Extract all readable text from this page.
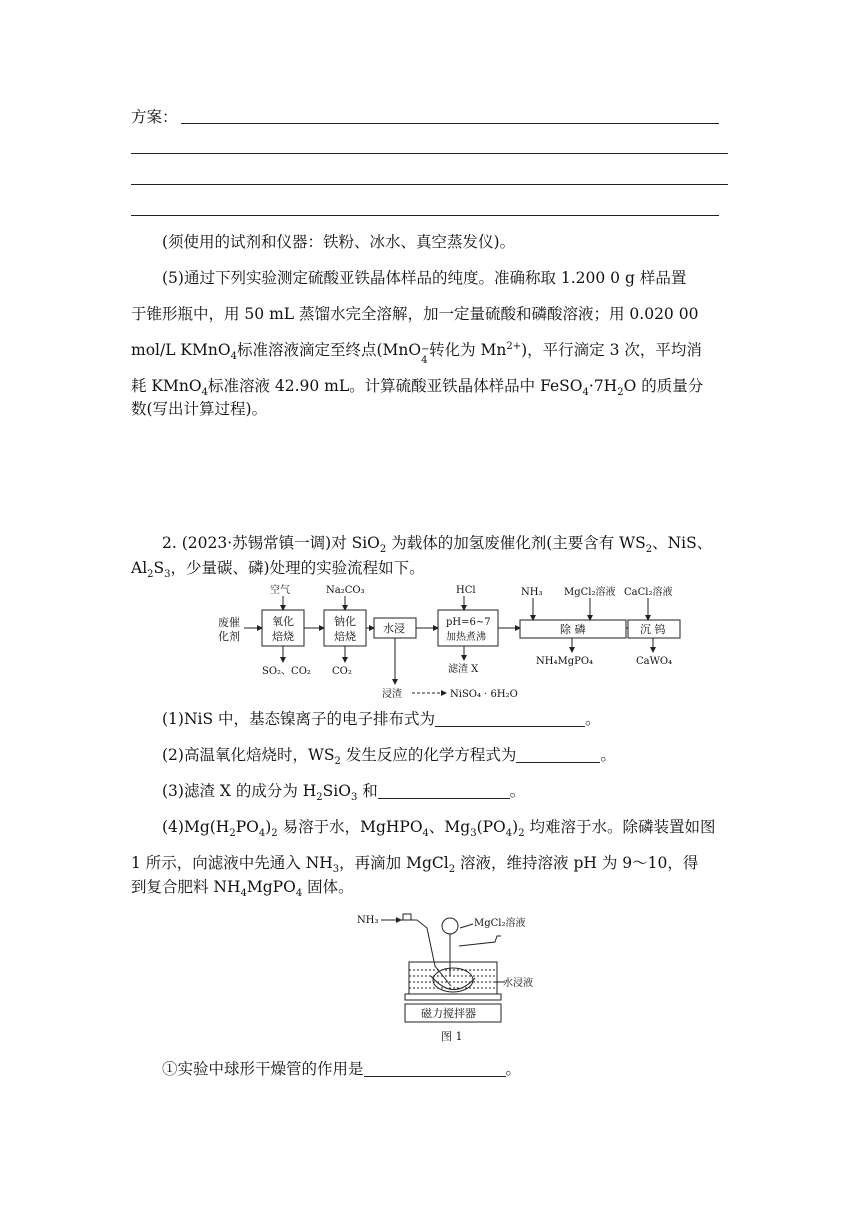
方案：
(须使用的试剂和仪器：铁粉、冰水、真空蒸发仪)。
(5)通过下列实验测定硫酸亚铁晶体样品的纯度。准确称取 1.200 0 g 样品置
于锥形瓶中，用 50 mL 蒸馏水完全溶解，加一定量硫酸和磷酸溶液；用 0.020 00
mol/L KMnO$_4$标准溶液滴定至终点(MnO −
4
转化为 $Mn^{2+}$)，平行滴定 3 次，平均消
耗 KMnO$_4$标准溶液 42.90 mL。计算硫酸亚铁晶体样品中 $FeSO_4\cdot 7H_2O$ 的质量分
数(写出计算过程)。
2. (2023·苏锡常镇一调)对 SiO$_2$ 为载体的加氢废催化剂(主要含有 $WS_2$、NiS、
$Al_2S_3$，少量碳、磷)处理的实验流程如下。
废催
化剂
氧化
焙烧
钠化
焙烧
水浸	pH=6~7
加热煮沸
除 磷	沉 钨
空气	Na₂CO₃	HCl	NH₃ MgCl₂溶液 CaCl₂溶液
SO₂、CO₂ CO₂	滤渣 X
NH₄MgPO₄	CaWO₄
浸渣	NiSO₄ · 6H₂O
(1)NiS 中，基态镍离子的电子排布式为	。
(2)高温氧化焙烧时，$WS_2$ 发生反应的化学方程式为	。
(3)滤渣 X 的成分为 $H_2SiO_3$ 和	。
$(4)Mg(H_2PO_4)_2$ 易溶于水，MgHPO$_4$、$Mg_3(PO_4)_2$ 均难溶于水。除磷装置如图
1 所示，向滤液中先通入 $NH_3$，再滴加 MgCl$_2$ 溶液，维持溶液 pH 为 9～10，得
到复合肥料 $NH_4MgPO_4$ 固体。
NH₃	MgCl₂溶液
水浸液
磁力搅拌器
图 1
①实验中球形干燥管的作用是	。
